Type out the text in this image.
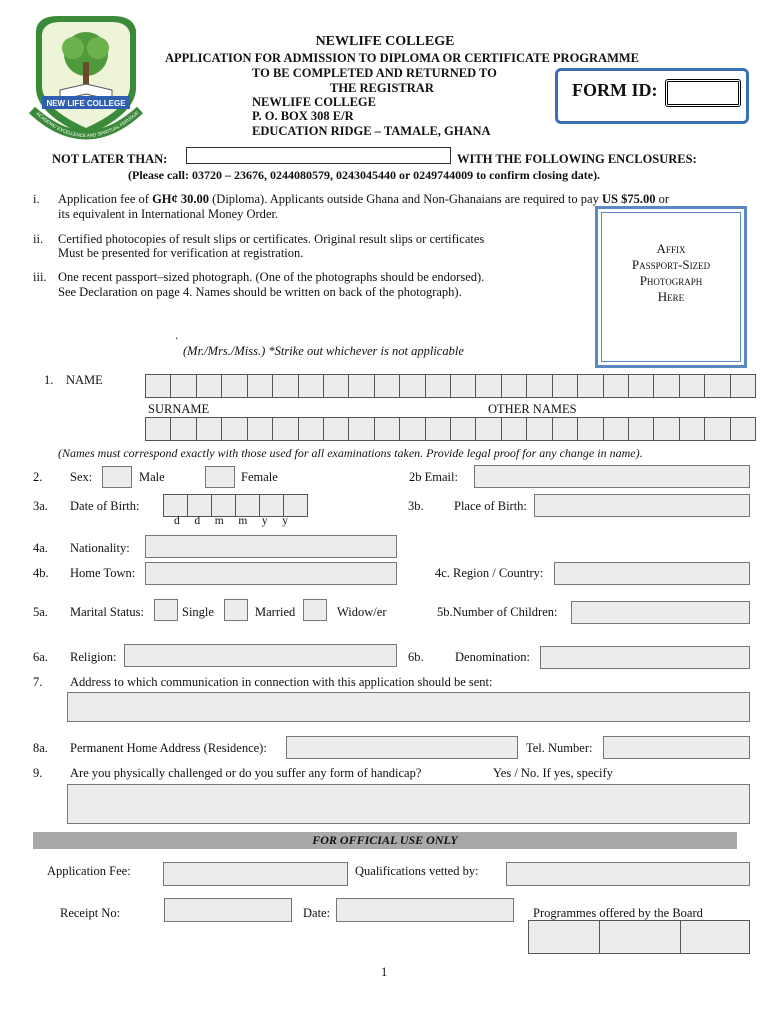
NEW LIFE COLLEGE
ACADEMIC EXCELLENCE AND SPIRITUAL FERVOUR
NEWLIFE COLLEGE
APPLICATION FOR ADMISSION TO DIPLOMA OR CERTIFICATE PROGRAMME
TO BE COMPLETED AND RETURNED TO
THE REGISTRAR
NEWLIFE COLLEGE
P. O. BOX 308 E/R
EDUCATION RIDGE – TAMALE, GHANA
FORM ID:
NOT LATER THAN:	WITH THE FOLLOWING ENCLOSURES:
(Please call: 03720 – 23676, 0244080579, 0243045440 or 0249744009 to confirm closing date).
i. Application fee of GH¢ 30.00 (Diploma). Applicants outside Ghana and Non-Ghanaians are required to pay US $75.00 or
its equivalent in International Money Order.
ii. Certified photocopies of result slips or certificates. Original result slips or certificates
Must be presented for verification at registration.
iii. One recent passport–sized photograph. (One of the photographs should be endorsed).
See Declaration on page 4. Names should be written on back of the photograph).
Affix
Passport-Sized
Photograph
Here
.
(Mr./Mrs./Miss.) *Strike out whichever is not applicable
1. NAME
SURNAME	OTHER NAMES
(Names must correspond exactly with those used for all examinations taken. Provide legal proof for any change in name).
2. Sex:	Male	Female	2b Email:
3a. Date of Birth:
d   d   m   m   y   y
3b. Place of Birth:
4a. Nationality:
4b. Home Town:	4c. Region / Country:
5a. Marital Status:	Single	Married	Widow/er	5b.Number of Children:
6a. Religion:	6b.	Denomination:
7. Address to which communication in connection with this application should be sent:
8a. Permanent Home Address (Residence):	Tel. Number:
9. Are you physically challenged or do you suffer any form of handicap?	Yes / No. If yes, specify
FOR OFFICIAL USE ONLY
Application Fee:	Qualifications vetted by:
Receipt No:	Date:	Programmes offered by the Board
1
